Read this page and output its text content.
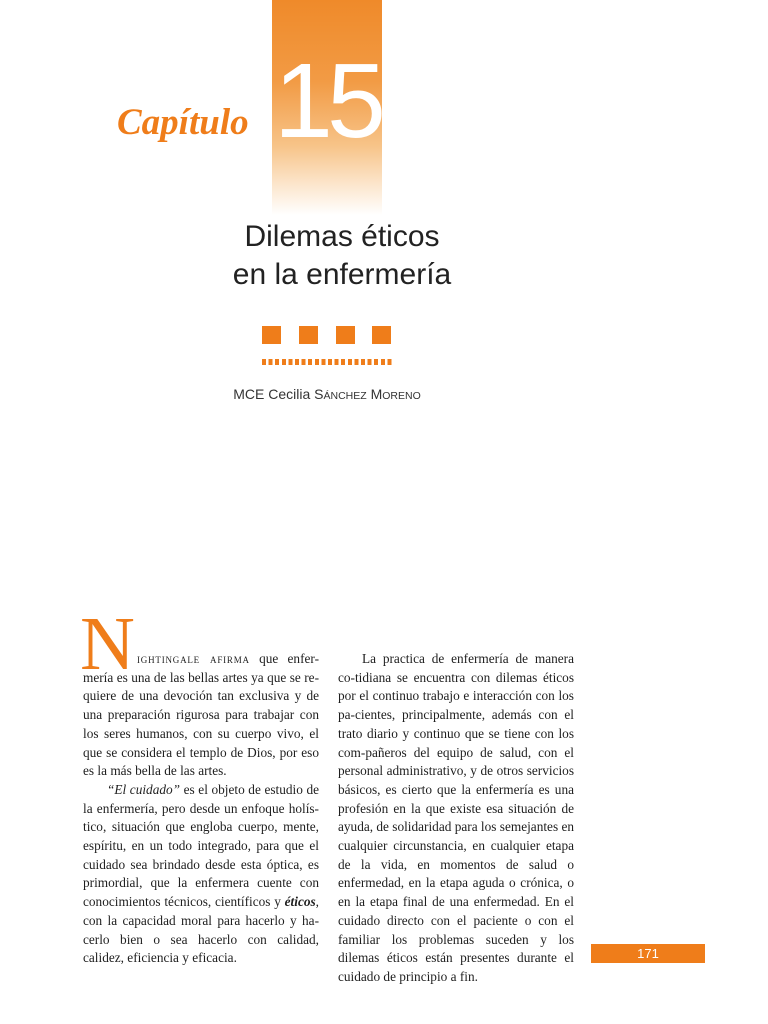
Capítulo 15
Dilemas éticos
en la enfermería
MCE Cecilia SÁNCHEZ MORENO
N ightingale afirma que enfer- mería es una de las bellas artes ya que se re-quiere de una devoción tan exclusiva y de una preparación rigurosa para trabajar con los seres humanos, con su cuerpo vivo, el que se considera el templo de Dios, por eso es la más bella de las artes.

“El cuidado” es el objeto de estudio de la enfermería, pero desde un enfoque holís-tico, situación que engloba cuerpo, mente, espíritu, en un todo integrado, para que el cuidado sea brindado desde esta óptica, es primordial, que la enfermera cuente con conocimientos técnicos, científicos y éticos, con la capacidad moral para hacerlo y ha-cerlo bien o sea hacerlo con calidad, calidez, eficiencia y eficacia.

La practica de enfermería de manera co-tidiana se encuentra con dilemas éticos por el continuo trabajo e interacción con los pa-cientes, principalmente, además con el trato diario y continuo que se tiene con los com-pañeros del equipo de salud, con el personal administrativo, y de otros servicios básicos, es cierto que la enfermería es una profesión en la que existe esa situación de ayuda, de solidaridad para los semejantes en cualquier circunstancia, en cualquier etapa de la vida, en momentos de salud o enfermedad, en la etapa aguda o crónica, o en la etapa final de una enfermedad. En el cuidado directo con el paciente o con el familiar los problemas suceden y los dilemas éticos están presentes durante el cuidado de principio a fin.

171
